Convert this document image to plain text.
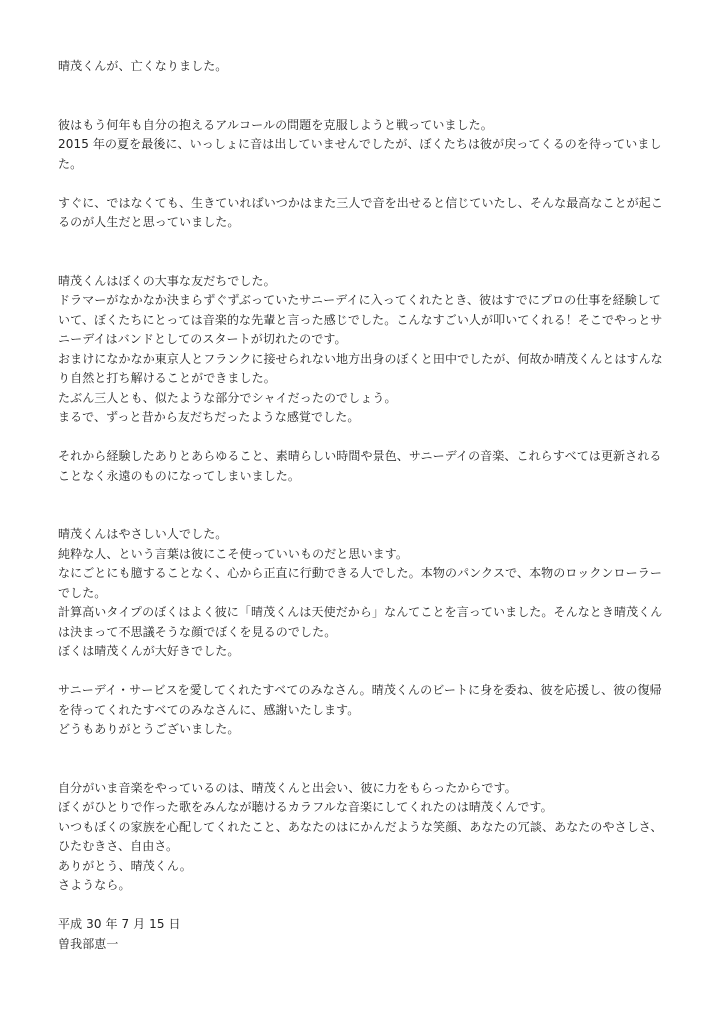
晴茂くんが、亡くなりました。

彼はもう何年も自分の抱えるアルコールの問題を克服しようと戦っていました。
2015 年の夏を最後に、いっしょに音は出していませんでしたが、ぼくたちは彼が戻ってくるのを待っていまし
た。

すぐに、ではなくても、生きていればいつかはまた三人で音を出せると信じていたし、そんな最高なことが起こ
るのが人生だと思っていました。

晴茂くんはぼくの大事な友だちでした。
ドラマーがなかなか決まらずぐずぶっていたサニーデイに入ってくれたとき、彼はすでにプロの仕事を経験して
いて、ぼくたちにとっては音楽的な先輩と言った感じでした。こんなすごい人が叩いてくれる！そこでやっとサ
ニーデイはバンドとしてのスタートが切れたのです。
おまけになかなか東京人とフランクに接せられない地方出身のぼくと田中でしたが、何故か晴茂くんとはすんな
り自然と打ち解けることができました。
たぶん三人とも、似たような部分でシャイだったのでしょう。
まるで、ずっと昔から友だちだったような感覚でした。

それから経験したありとあらゆること、素晴らしい時間や景色、サニーデイの音楽、これらすべては更新される
ことなく永遠のものになってしまいました。

晴茂くんはやさしい人でした。
純粋な人、という言葉は彼にこそ使っていいものだと思います。
なにごとにも臆することなく、心から正直に行動できる人でした。本物のパンクスで、本物のロックンローラー
でした。
計算高いタイプのぼくはよく彼に「晴茂くんは天使だから」なんてことを言っていました。そんなとき晴茂くん
は決まって不思議そうな顔でぼくを見るのでした。
ぼくは晴茂くんが大好きでした。

サニーデイ・サービスを愛してくれたすべてのみなさん。晴茂くんのビートに身を委ね、彼を応援し、彼の復帰
を待ってくれたすべてのみなさんに、感謝いたします。
どうもありがとうございました。

自分がいま音楽をやっているのは、晴茂くんと出会い、彼に力をもらったからです。
ぼくがひとりで作った歌をみんなが聴けるカラフルな音楽にしてくれたのは晴茂くんです。
いつもぼくの家族を心配してくれたこと、あなたのはにかんだような笑顔、あなたの冗談、あなたのやさしさ、
ひたむきさ、自由さ。
ありがとう、晴茂くん。
さようなら。

平成 30 年 7 月 15 日
曽我部恵一
